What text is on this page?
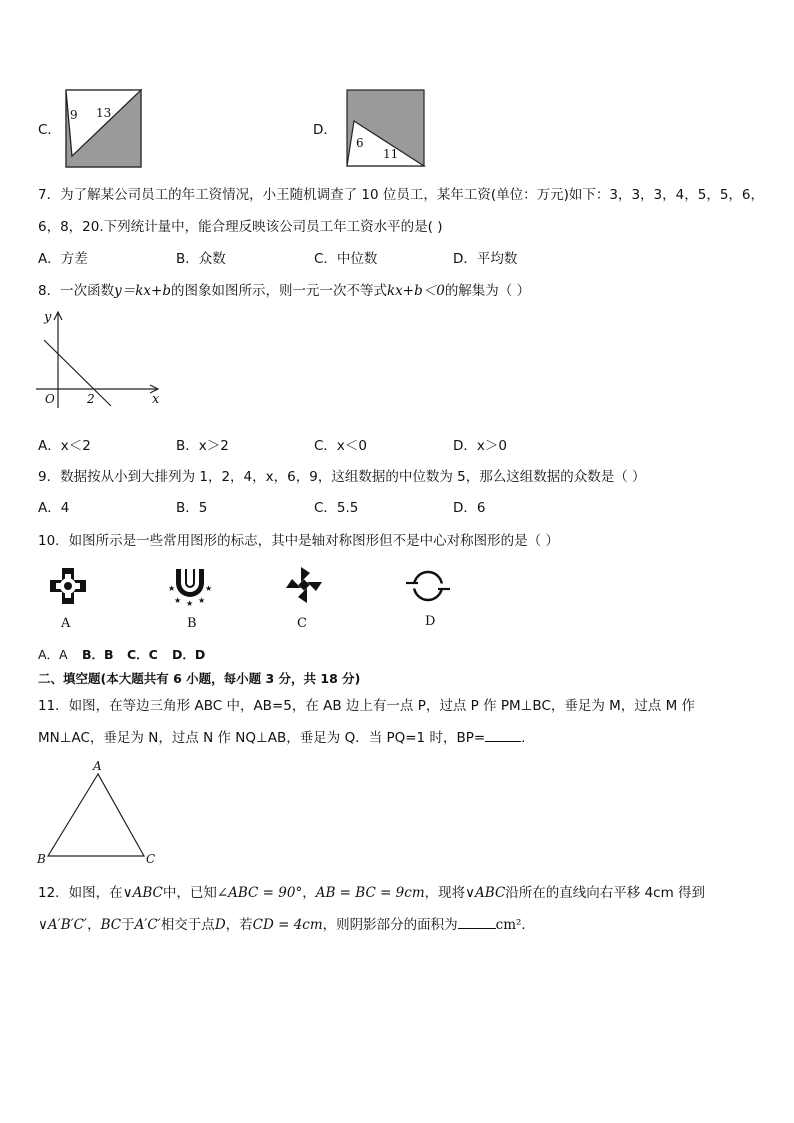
C．
9 13
D．
6
11
7．为了解某公司员工的年工资情况，小王随机调查了 10 位员工，某年工资(单位：万元)如下：3，3，3，4，5，5，6，
6，8，20.下列统计量中，能合理反映该公司员工年工资水平的是( )
A．方差	B．众数	C．中位数	D．平均数
8．一次函数y＝kx+b的图象如图所示，则一元一次不等式kx+b＜0的解集为（ ）
y
x
O	2
A．x＜2	B．x＞2	C．x＜0	D．x＞0
9．数据按从小到大排列为 1，2，4，x，6，9，这组数据的中位数为 5，那么这组数据的众数是（ ）
A．4	B．5	C．5.5	D．6
10．如图所示是一些常用图形的标志，其中是轴对称图形但不是中心对称图形的是（ ）
★	★
★ ★ ★
A	B	C	D
A．A B．B C．C D．D
二、填空题(本大题共有 6 小题，每小题 3 分，共 18 分)
11．如图，在等边三角形 ABC 中，AB=5，在 AB 边上有一点 P，过点 P 作 PM⊥BC，垂足为 M，过点 M 作
MN⊥AC，垂足为 N，过点 N 作 NQ⊥AB，垂足为 Q．当 PQ=1 时，BP=	.
A
B	C
12．如图，在∨ABC中，已知∠ABC = 90°，AB = BC = 9cm，现将∨ABC沿所在的直线向右平移 4cm 得到
∨A′B′C′，BC于A′C′相交于点D，若CD = 4cm，则阴影部分的面积为	cm²．
